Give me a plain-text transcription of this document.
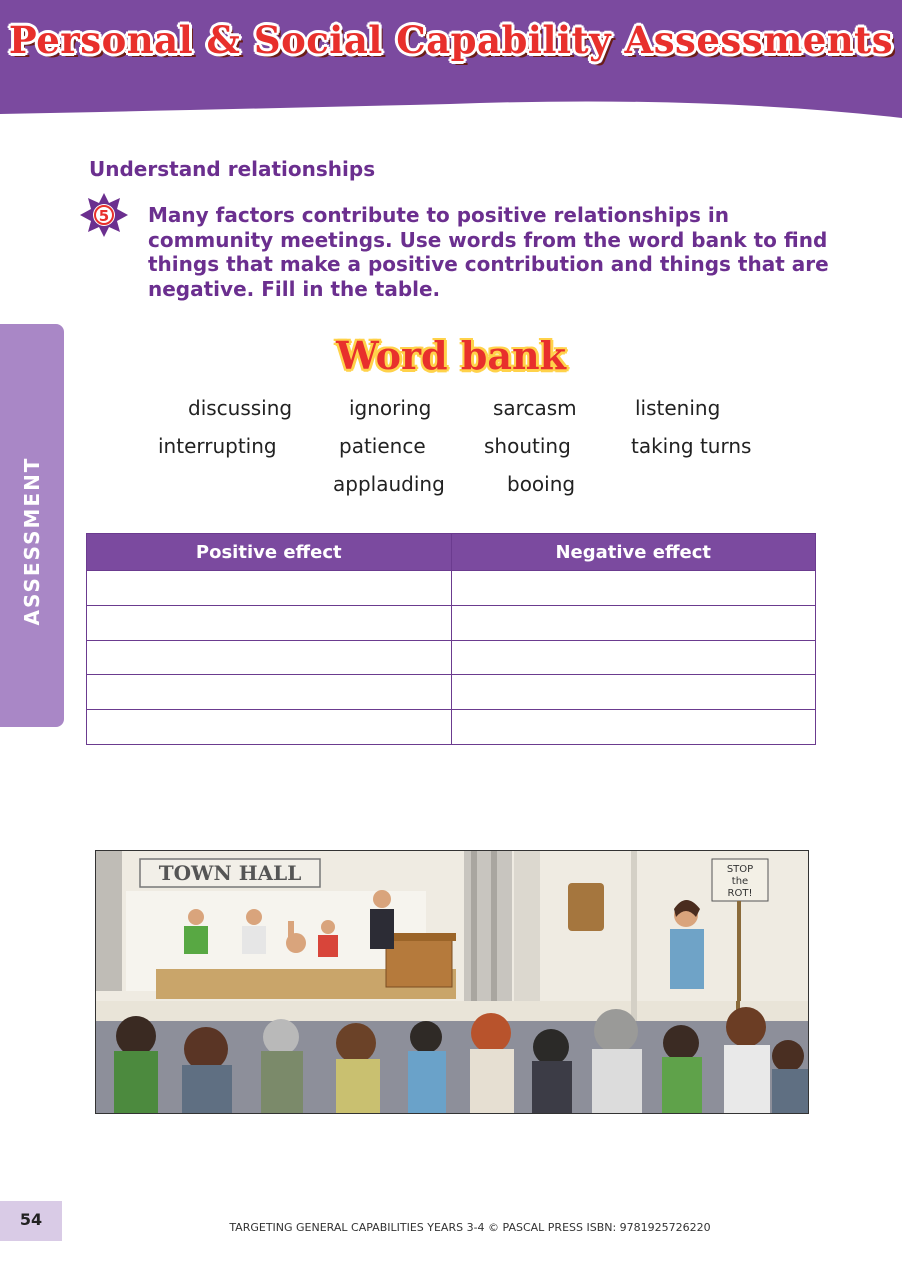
Personal & Social Capability Assessments
ASSESSMENT
Understand relationships
5 Many factors contribute to positive relationships in community meetings. Use words from the word bank to find things that make a positive contribution and things that are negative. Fill in the table.
Word bank
discussing	ignoring	sarcasm	listening
interrupting	patience	shouting	taking turns
applauding	booing
Positive effect	Negative effect

TOWN HALL	STOP
the
ROT!
54	TARGETING GENERAL CAPABILITIES YEARS 3-4 © PASCAL PRESS ISBN: 9781925726220
